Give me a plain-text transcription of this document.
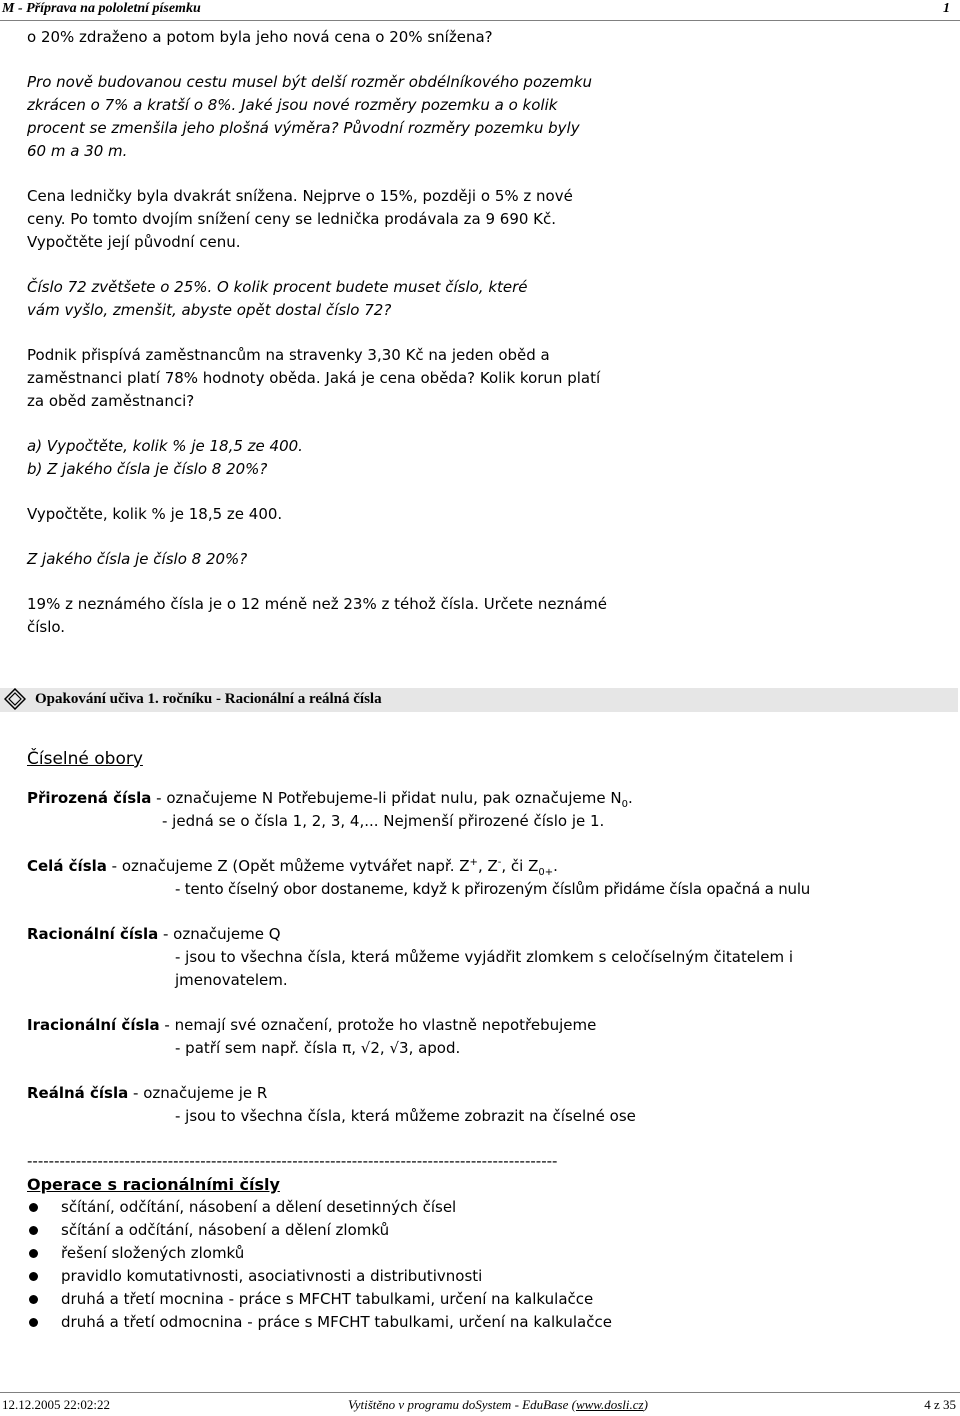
M - Příprava na pololetní písemku	1

o 20% zdraženo a potom byla jeho nová cena o 20% snížena?

Pro nově budovanou cestu musel být delší rozměr obdélníkového pozemku
zkrácen o 7% a kratší o 8%. Jaké jsou nové rozměry pozemku a o kolik
procent se zmenšila jeho plošná výměra? Původní rozměry pozemku byly
60 m a 30 m.

Cena ledničky byla dvakrát snížena. Nejprve o 15%, později o 5% z nové
ceny. Po tomto dvojím snížení ceny se lednička prodávala za 9 690 Kč.
Vypočtěte její původní cenu.

Číslo 72 zvětšete o 25%. O kolik procent budete muset číslo, které
vám vyšlo, zmenšit, abyste opět dostal číslo 72?

Podnik přispívá zaměstnancům na stravenky 3,30 Kč na jeden oběd a
zaměstnanci platí 78% hodnoty oběda. Jaká je cena oběda? Kolik korun platí
za oběd zaměstnanci?

a) Vypočtěte, kolik % je 18,5 ze 400.
b) Z jakého čísla je číslo 8 20%?

Vypočtěte, kolik % je 18,5 ze 400.

Z jakého čísla je číslo 8 20%?

19% z neznámého čísla je o 12 méně než 23% z téhož čísla. Určete neznámé
číslo.

Opakování učiva 1. ročníku - Racionální a reálná čísla

Číselné obory

Přirozená čísla - označujeme N Potřebujeme-li přidat nulu, pak označujeme $N_0$.

- jedná se o čísla 1, 2, 3, 4,... Nejmenší přirozené číslo je 1.

Celá čísla - označujeme Z (Opět můžeme vytvářet např. Z+, Z-, či $Z_{0+}$.

- tento číselný obor dostaneme, když k přirozeným číslům přidáme čísla opačná a nulu

Racionální čísla - označujeme Q

- jsou to všechna čísla, která můžeme vyjádřit zlomkem s celočíselným čitatelem i
jmenovatelem.

Iracionální čísla - nemají své označení, protože ho vlastně nepotřebujeme

- patří sem např. čísla π, √2, √3, apod.

Reálná čísla - označujeme je R

- jsou to všechna čísla, která můžeme zobrazit na číselné ose

--------------------------------------------------------------------------------------------------

Operace s racionálními čísly

sčítání, odčítání, násobení a dělení desetinných čísel
sčítání a odčítání, násobení a dělení zlomků
řešení složených zlomků
pravidlo komutativnosti, asociativnosti a distributivnosti
druhá a třetí mocnina - práce s MFCHT tabulkami, určení na kalkulačce
druhá a třetí odmocnina - práce s MFCHT tabulkami, určení na kalkulačce
12.12.2005 22:02:22	Vytištěno v programu doSystem - EduBase (www.dosli.cz)	4 z 35
